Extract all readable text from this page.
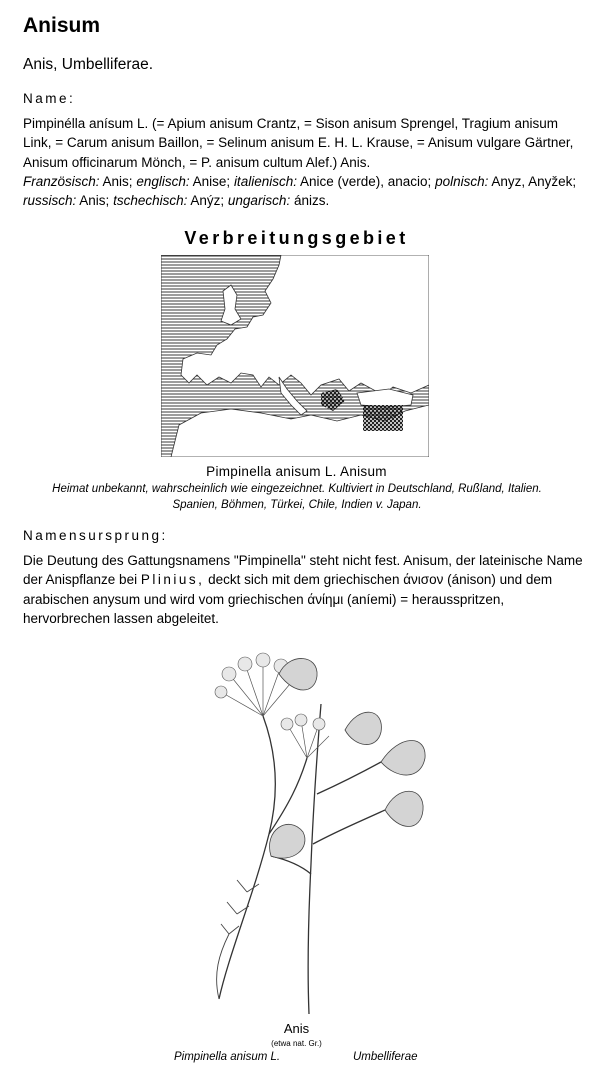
Anisum
Anis, Umbelliferae.
Name:
Pimpinélla anísum L. (= Apium anisum Crantz, = Sison anisum Sprengel, Tragium anisum Link, = Carum anisum Baillon, = Selinum anisum E. H. L. Krause, = Anisum vulgare Gärtner, Anisum officinarum Mönch, = P. anisum cultum Alef.) Anis.
Französisch: Anis; englisch: Anise; italienisch: Anice (verde), anacio; polnisch: Anyz, Anyžek; russisch: Anis; tschechisch: Anýz; ungarisch: ánizs.
Verbreitungsgebiet
Pimpinella anisum L. Anisum
Heimat unbekannt, wahrscheinlich wie eingezeichnet. Kultiviert in Deutschland, Rußland, Italien. Spanien, Böhmen, Türkei, Chile, Indien v. Japan.
Namensursprung:
Die Deutung des Gattungsnamens "Pimpinella" steht nicht fest. Anisum, der lateinische Name der Anispflanze bei Plinius, deckt sich mit dem griechischen άνισον (ánison) und dem arabischen anysum und wird vom griechischen άνίημι (aníemi) = herausspritzen, hervorbrechen lassen abgeleitet.
Anis
(etwa nat. Gr.)
Pimpinella anisum L.	Umbelliferae
